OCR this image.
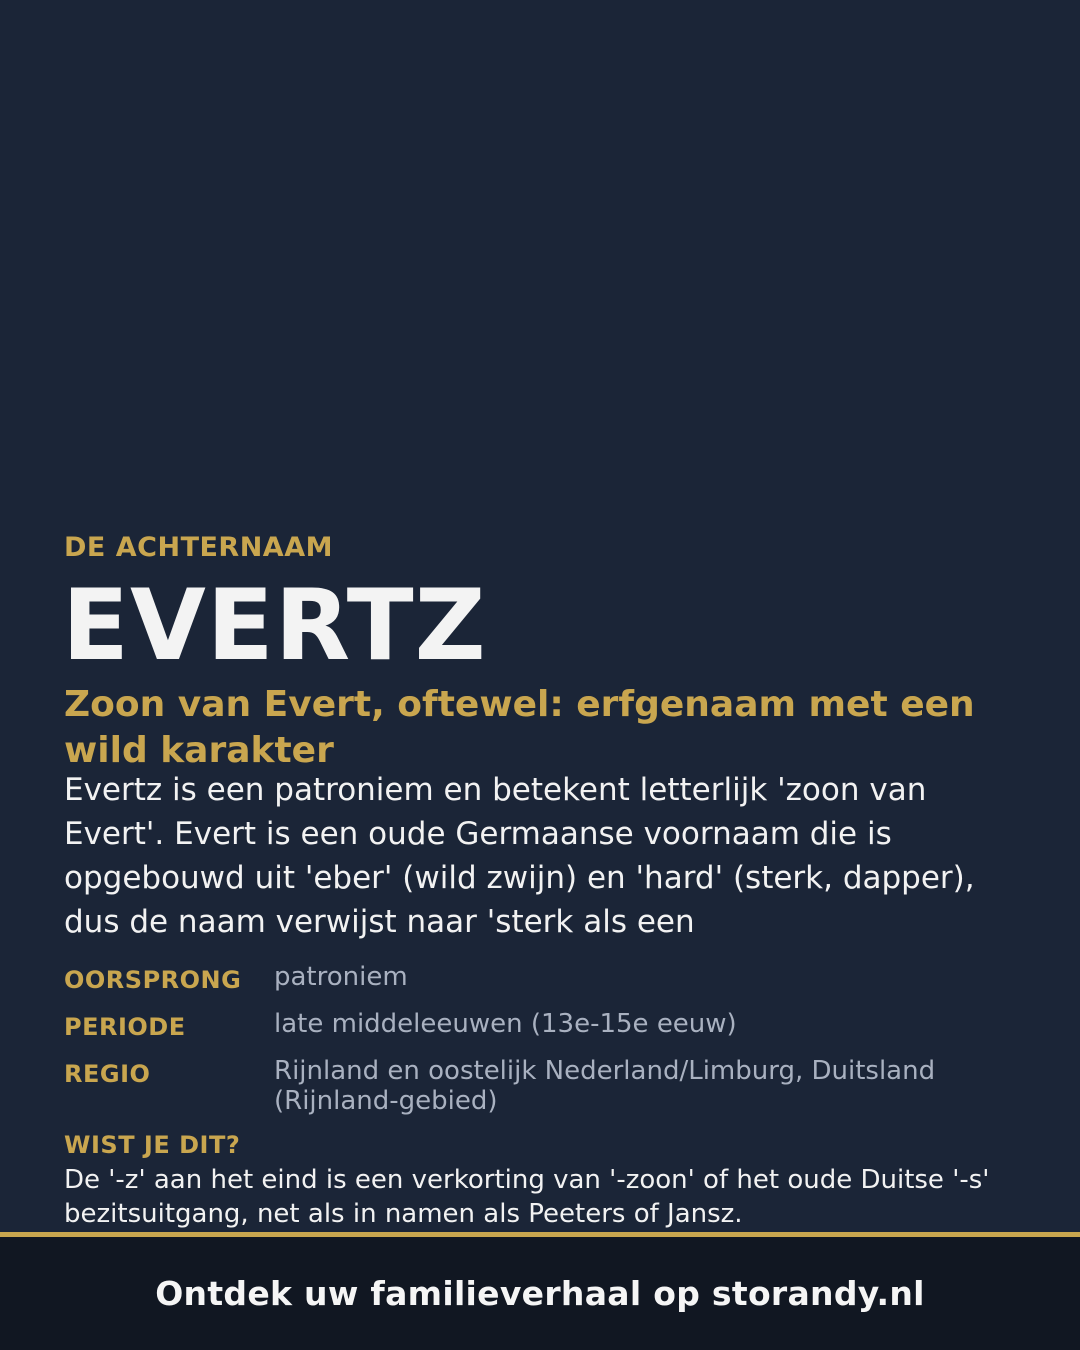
DE ACHTERNAAM
EVERTZ
Zoon van Evert, oftewel: erfgenaam met een wild karakter

Evertz is een patroniem en betekent letterlijk 'zoon van Evert'. Evert is een oude Germaanse voornaam die is opgebouwd uit 'eber' (wild zwijn) en 'hard' (sterk, dapper), dus de naam verwijst naar 'sterk als een

OORSPRONG	patroniem
PERIODE	late middeleeuwen (13e-15e eeuw)
REGIO	Rijnland en oostelijk Nederland/Limburg, Duitsland (Rijnland-gebied)
WIST JE DIT?
De '-z' aan het eind is een verkorting van '-zoon' of het oude Duitse '-s' bezitsuitgang, net als in namen als Peeters of Jansz.
Ontdek uw familieverhaal op storandy.nl
